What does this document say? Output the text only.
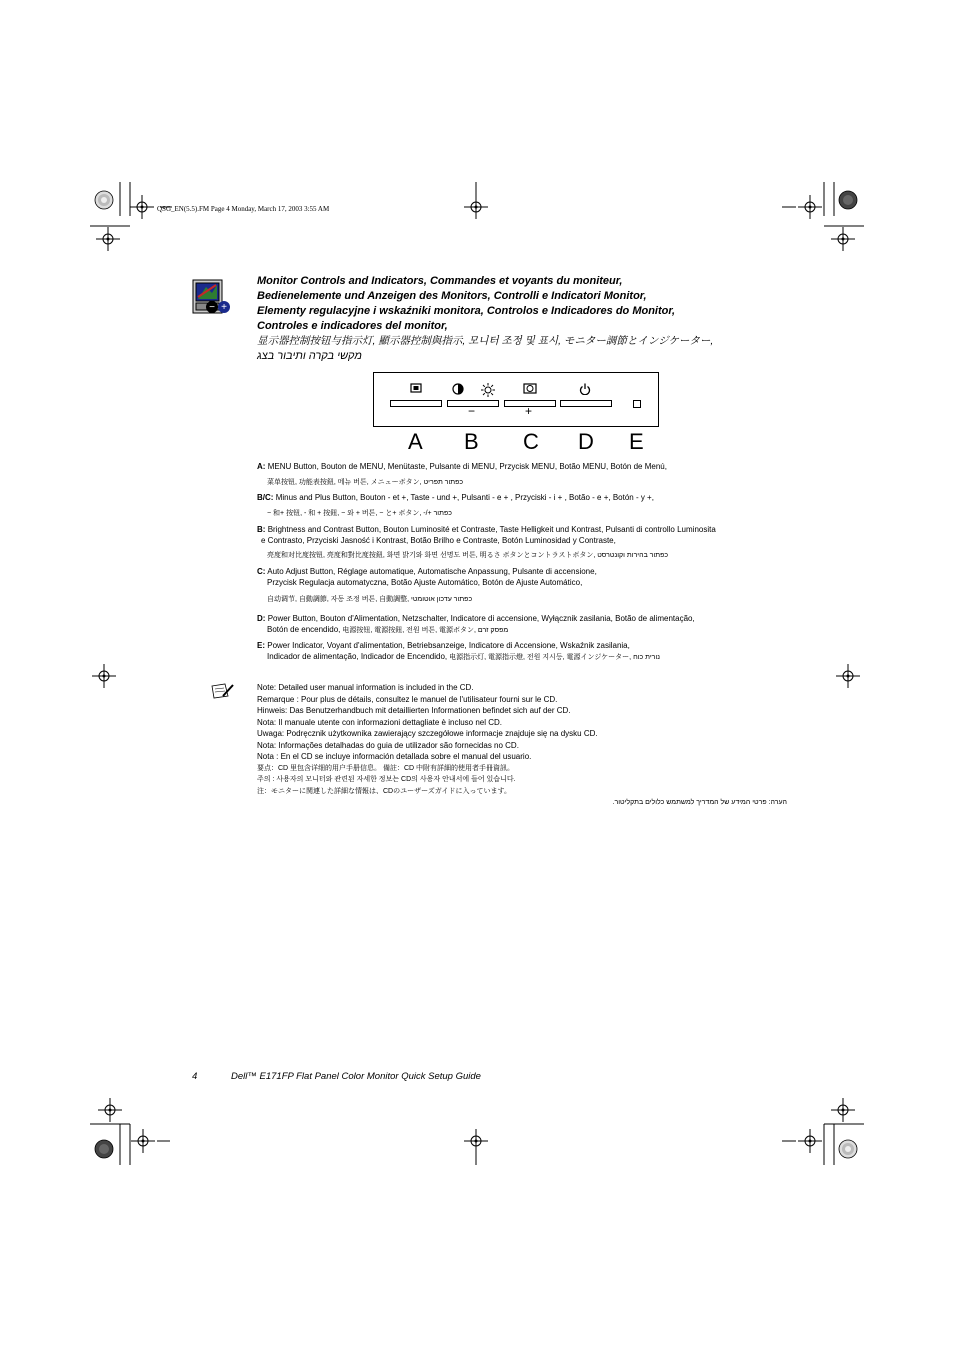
QSG_EN(5.5).FM Page 4 Monday, March 17, 2003 3:55 AM
− +
Monitor Controls and Indicators, Commandes et voyants du moniteur,
Bedienelemente und Anzeigen des Monitors, Controlli e Indicatori Monitor,
Elementy regulacyjne i wskaźniki monitora, Controlos e Indicadores do Monitor,
Controles e indicadores del monitor,
显示器控制按钮与指示灯, 顯示器控制與指示, 모니터 조정 및 표시, モニター調節とインジケーター,
מקשי בקרה ותיבור בצג
−	+
A B C D E
A: MENU Button, Bouton de MENU, Menütaste, Pulsante di MENU, Przycisk MENU, Botão MENU, Botón de Menú,
菜单按钮, 功能表按鈕, 메뉴 버튼, メニューボタン, כפתור תפריט
B/C: Minus and Plus Button, Bouton - et +, Taste - und +, Pulsanti - e + , Przyciski - i + , Botão - e +, Botón - y +,
− 和+ 按钮, - 和 + 按鈕, − 와 + 버튼, − と+ ボタン, -/+ כפתור
B: Brightness and Contrast Button, Bouton Luminosité et Contraste, Taste Helligkeit und Kontrast, Pulsanti di controllo Luminosita
e Contrasto, Przyciski Jasność i Kontrast, Botão Brilho e Contraste, Botón Luminosidad y Contraste,
亮度和对比度按钮, 亮度和對比度按鈕, 화면 밝기와 화면 선명도 버튼, 明るさ ボタンとコントラストボタン, כפתור בהירות וקונטרסט
C: Auto Adjust Button, Réglage automatique, Automatische Anpassung, Pulsante di accensione,
Przycisk Regulacja automatyczna, Botão Ajuste Automático, Botón de Ajuste Automático,
自动调节, 自動調節, 자동 조정 버튼, 自動調整, כפתור עדכון אוטומטי
D: Power Button, Bouton d'Alimentation, Netzschalter, Indicatore di accensione, Wyłącznik zasilania, Botão de alimentação,
Botón de encendido, 电源按钮, 電源按鈕, 전원 버튼, 電源ボタン, מפסק זרם
E: Power Indicator, Voyant d'alimentation, Betriebsanzeige, Indicatore di Accensione, Wskaźnik zasilania,
Indicador de alimentação, Indicador de Encendido, 电源指示灯, 電源指示燈, 전원 지시등, 電源インジケーター, נורית כוח
Note: Detailed user manual information is included in the CD.
Remarque : Pour plus de détails, consultez le manuel de l'utilisateur fourni sur le CD.
Hinweis: Das Benutzerhandbuch mit detaillierten Informationen befindet sich auf der CD.
Nota: Il manuale utente con informazioni dettagliate è incluso nel CD.
Uwaga: Podręcznik użytkownika zawierający szczegółowe informacje znajduje się na dysku CD.
Nota: Informações detalhadas do guia de utilizador são fornecidas no CD.
Nota : En el CD se incluye información detallada sobre el manual del usuario.
要点：CD 里包含详细的用户手册信息。 備註：CD 中附有詳細的使用者手冊資訊。
주의 : 사용자의 모니터와 관련된 자세한 정보는 CD의 사용자 안내서에 들어 있습니다.
注：モニターに関連した詳細な情報は、CDのユーザーズガイドに入っています。
הערה: פרטי המידע של המדריך למשתמש כלולים בתקליטור.
4	Dell™ E171FP Flat Panel Color Monitor Quick Setup Guide
